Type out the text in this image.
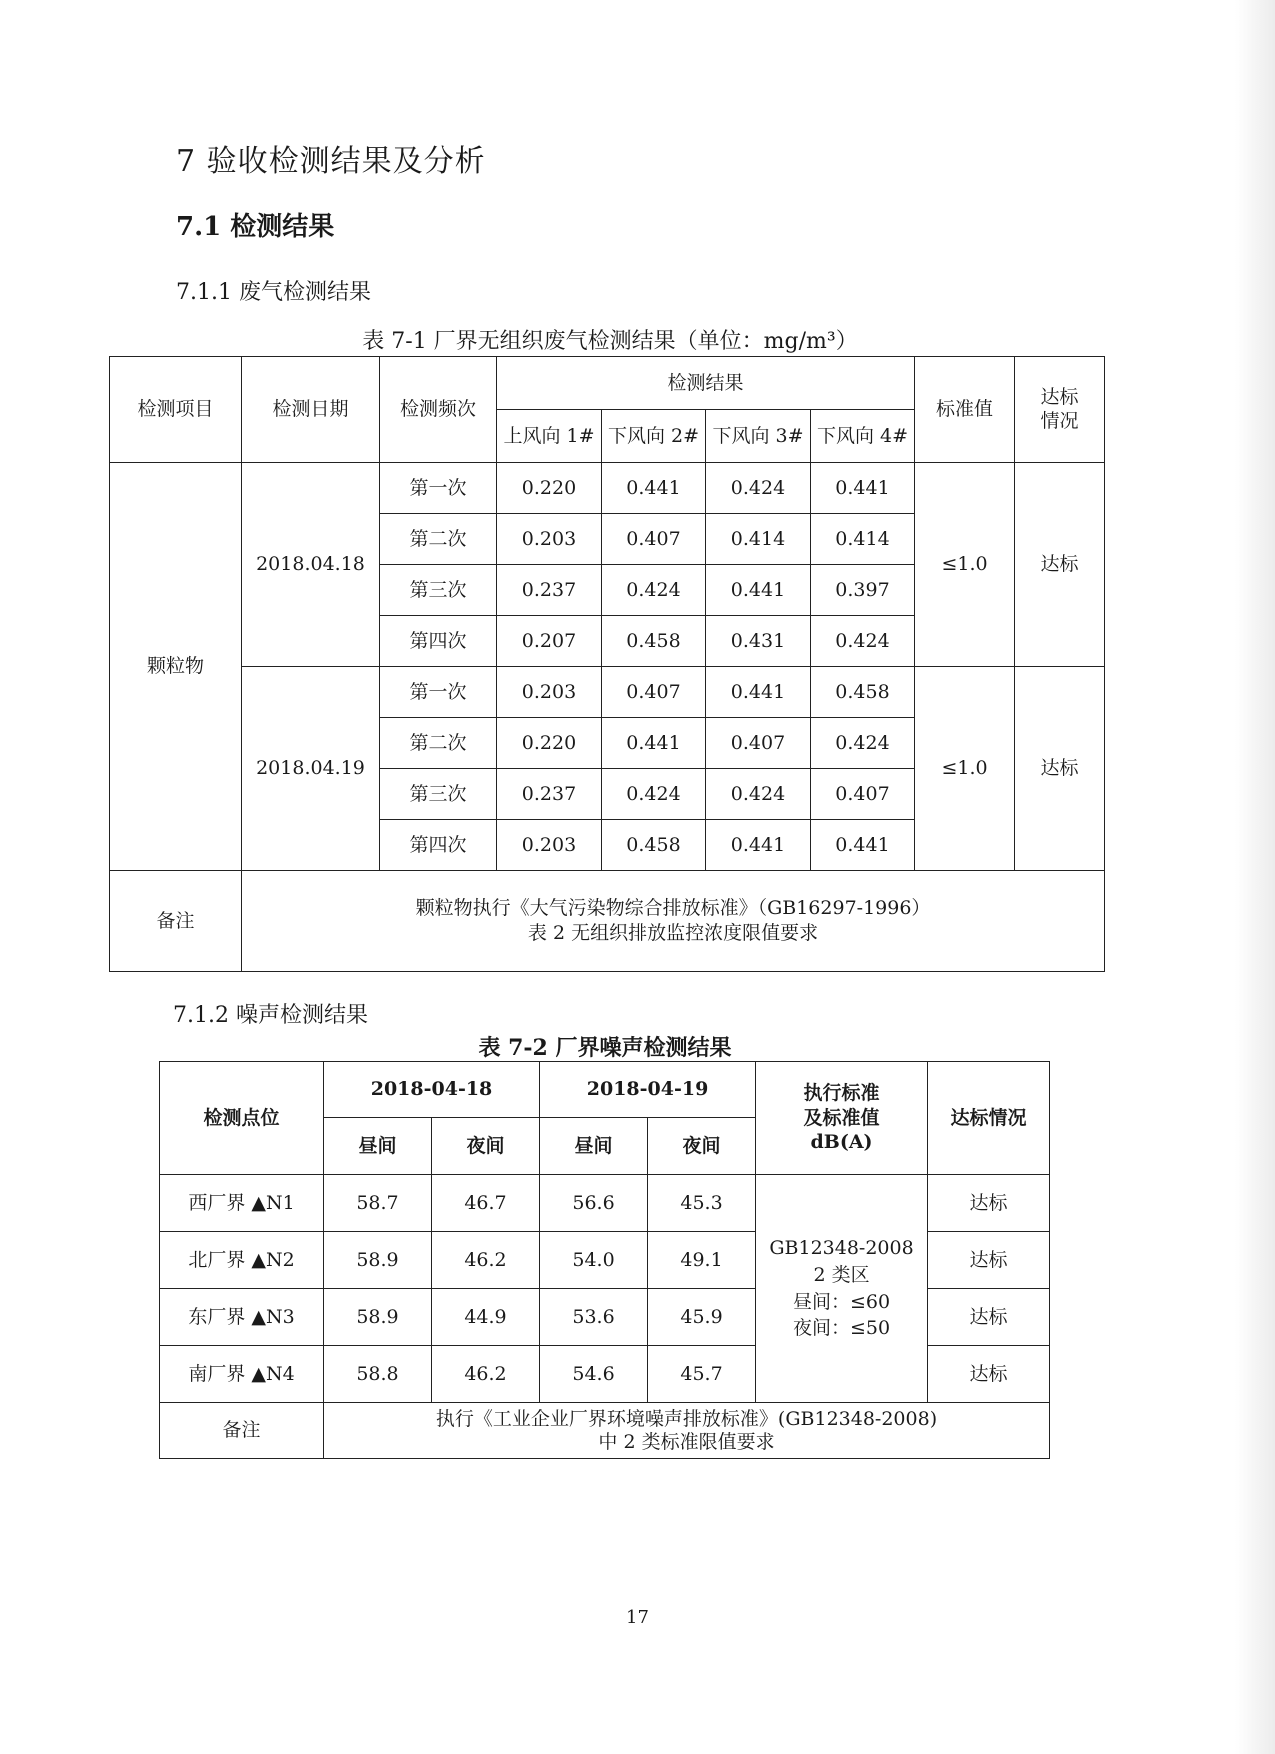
7 验收检测结果及分析
7.1 检测结果
7.1.1 废气检测结果
表 7-1 厂界无组织废气检测结果（单位：mg/m³）
检测项目	检测日期	检测频次	检测结果				标准值	达标情况

			上风向 1#	下风向 2#	下风向 3#	下风向 4#		
颗粒物	2018.04.18	第一次	0.220	0.441	0.424	0.441	≤1.0	达标
		第二次	0.203	0.407	0.414	0.414		
		第三次	0.237	0.424	0.441	0.397		
		第四次	0.207	0.458	0.431	0.424		
	2018.04.19	第一次	0.203	0.407	0.441	0.458	≤1.0	达标
		第二次	0.220	0.441	0.407	0.424		
		第三次	0.237	0.424	0.424	0.407		
		第四次	0.203	0.458	0.441	0.441		
备注	颗粒物执行《大气污染物综合排放标准》（GB16297-1996）
表 2 无组织排放监控浓度限值要求							
7.1.2 噪声检测结果
表 7-2 厂界噪声检测结果
检测点位	2018-04-18		2018-04-19		执行标准
及标准值
dB(A)	达标情况
	昼间	夜间	昼间	夜间		
西厂界 ▲N1	58.7	46.7	56.6	45.3	GB12348-2008
2 类区
昼间：≤60
夜间：≤50	达标
北厂界 ▲N2	58.9	46.2	54.0	49.1		达标
东厂界 ▲N3	58.9	44.9	53.6	45.9		达标
南厂界 ▲N4	58.8	46.2	54.6	45.7		达标
备注	执行《工业企业厂界环境噪声排放标准》(GB12348-2008)
中 2 类标准限值要求					
17
